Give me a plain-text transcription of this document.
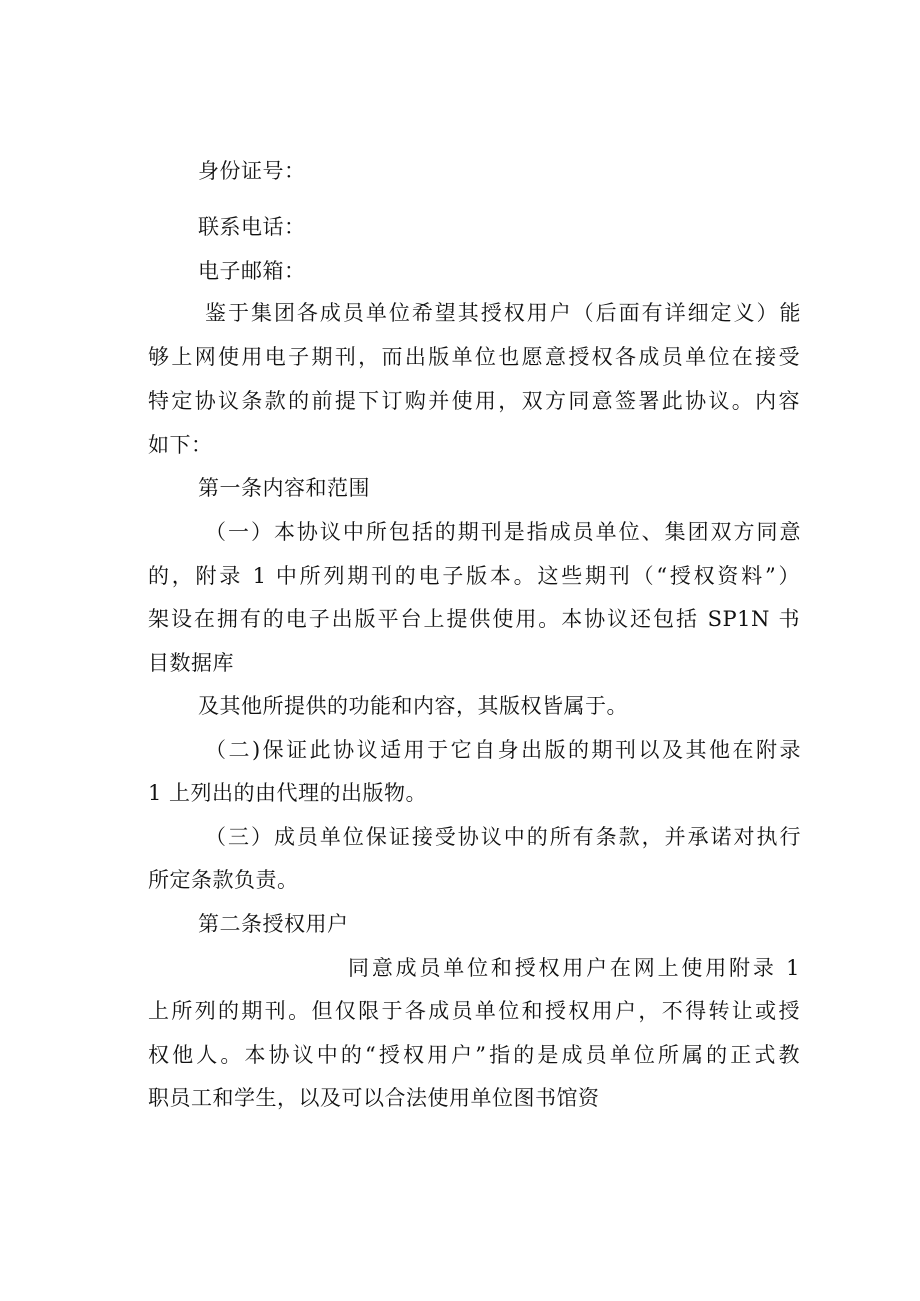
身份证号：
联系电话：
电子邮箱：
鉴于集团各成员单位希望其授权用户（后面有详细定义）能
够上网使用电子期刊，而出版单位也愿意授权各成员单位在接受
特定协议条款的前提下订购并使用，双方同意签署此协议。内容
如下：
第一条内容和范围
（一）本协议中所包括的期刊是指成员单位、集团双方同意
的，附录 1 中所列期刊的电子版本。这些期刊（“授权资料”）
架设在拥有的电子出版平台上提供使用。本协议还包括 SP1N 书
目数据库
及其他所提供的功能和内容，其版权皆属于。
（二)保证此协议适用于它自身出版的期刊以及其他在附录
1 上列出的由代理的出版物。
（三）成员单位保证接受协议中的所有条款，并承诺对执行
所定条款负责。
第二条授权用户
同意成员单位和授权用户在网上使用附录 1
上所列的期刊。但仅限于各成员单位和授权用户，不得转让或授
权他人。本协议中的“授权用户”指的是成员单位所属的正式教
职员工和学生，以及可以合法使用单位图书馆资
